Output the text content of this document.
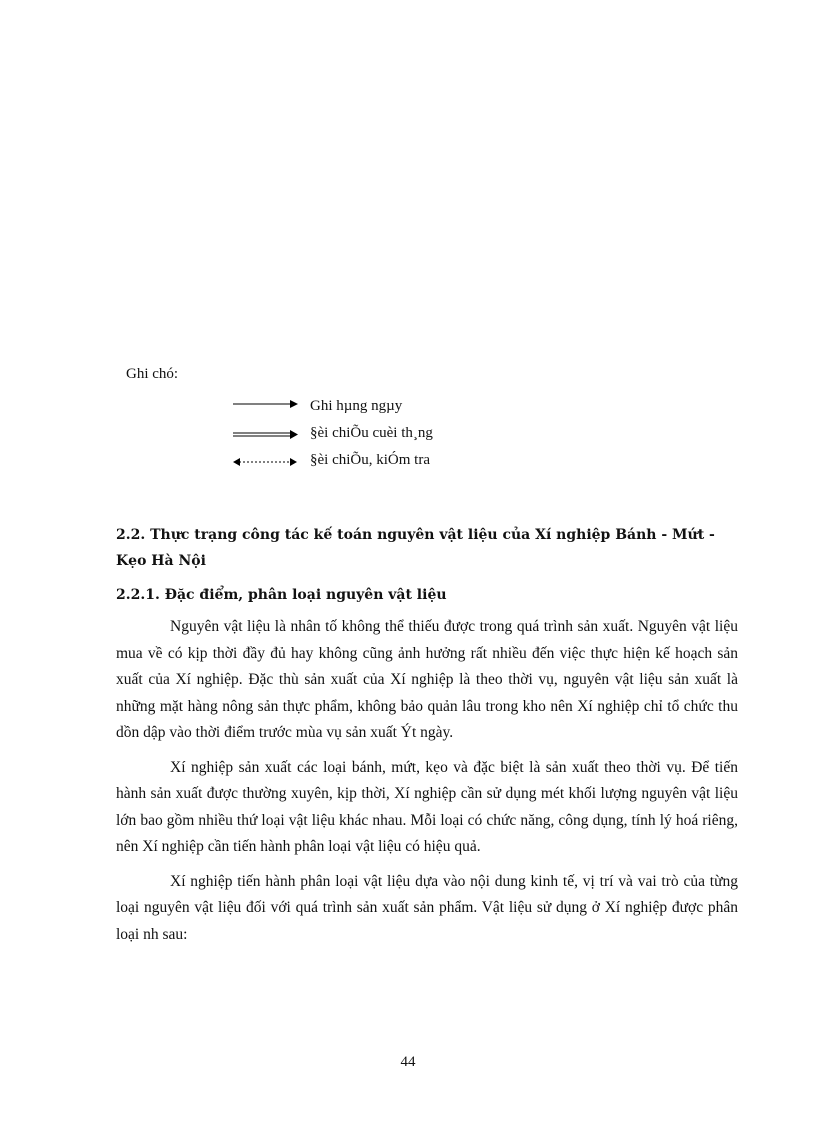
Ghi chó:
Ghi hµng ngµy
§èi chiÕu cuèi th¸ng
§èi chiÕu, kiÓm tra

2.2. Thực trạng công tác kế toán nguyên vật liệu của Xí nghiệp Bánh - Mứt - Kẹo Hà Nội

2.2.1. Đặc điểm, phân loại nguyên vật liệu

Nguyên vật liệu là nhân tố không thể thiếu được trong quá trình sản xuất. Nguyên vật liệu mua về có kịp thời đầy đủ hay không cũng ảnh hưởng rất nhiều đến việc thực hiện kế hoạch sản xuất của Xí nghiệp. Đặc thù sản xuất của Xí nghiệp là theo thời vụ, nguyên vật liệu sản xuất là những mặt hàng nông sản thực phẩm, không bảo quản lâu trong kho nên Xí nghiệp chỉ tổ chức thu dồn dập vào thời điểm trước mùa vụ sản xuất Ýt ngày.

Xí nghiệp sản xuất các loại bánh, mứt, kẹo và đặc biệt là sản xuất theo thời vụ. Để tiến hành sản xuất được thường xuyên, kịp thời, Xí nghiệp cần sử dụng mét khối lượng nguyên vật liệu lớn bao gồm nhiều thứ loại vật liệu khác nhau. Mỗi loại có chức năng, công dụng, tính lý hoá riêng, nên Xí nghiệp cần tiến hành phân loại vật liệu có hiệu quả.

Xí nghiệp tiến hành phân loại vật liệu dựa vào nội dung kinh tế, vị trí và vai trò của từng loại nguyên vật liệu đối với quá trình sản xuất sản phẩm. Vật liệu sử dụng ở Xí nghiệp được phân loại nh sau:

44
